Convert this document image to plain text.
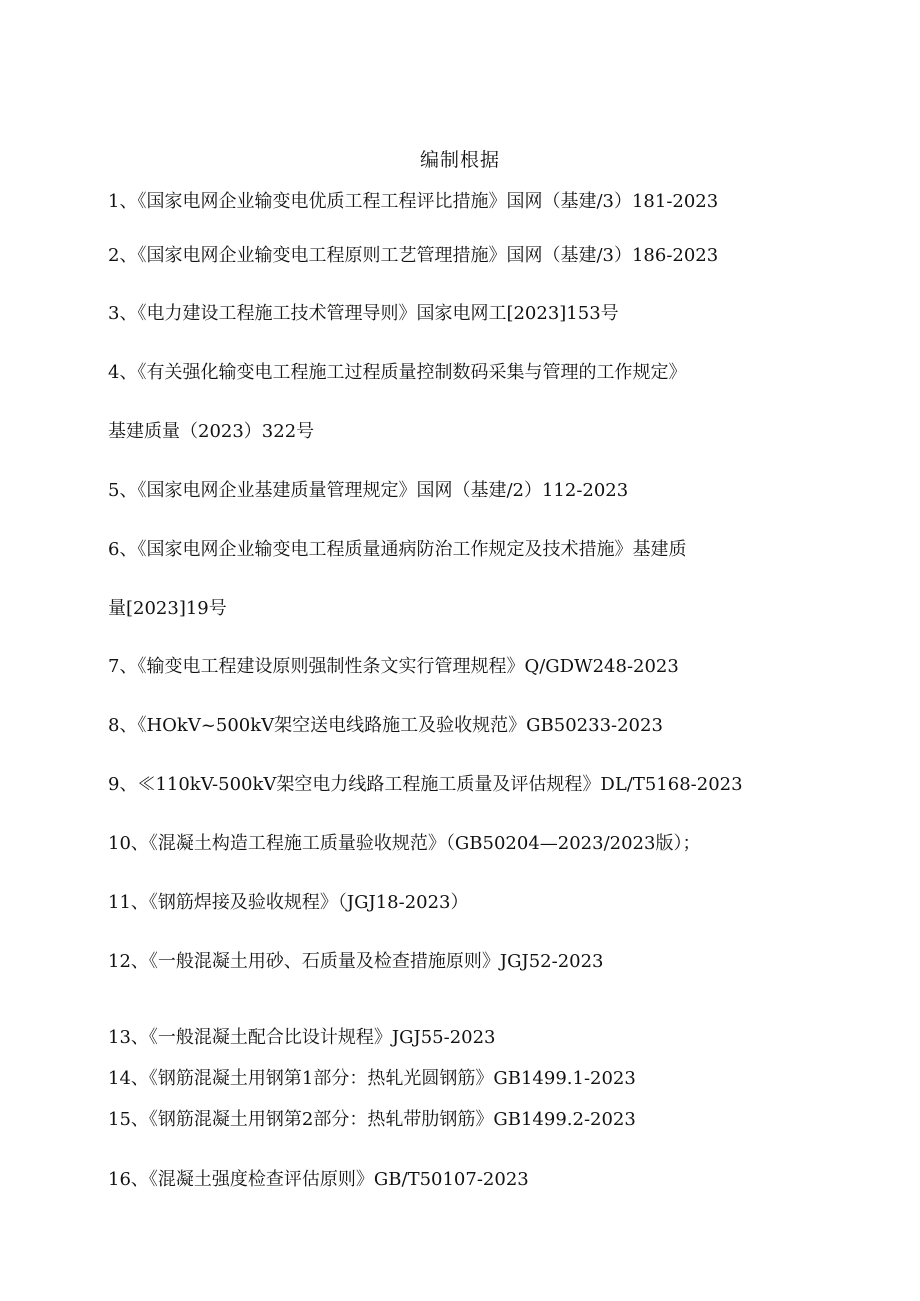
编制根据
1、《国家电网企业输变电优质工程工程评比措施》国网（基建/3）181-2023
2、《国家电网企业输变电工程原则工艺管理措施》国网（基建/3）186-2023
3、《电力建设工程施工技术管理导则》国家电网工[2023]153号
4、《有关强化输变电工程施工过程质量控制数码采集与管理的工作规定》
基建质量（2023）322号
5、《国家电网企业基建质量管理规定》国网（基建/2）112-2023
6、《国家电网企业输变电工程质量通病防治工作规定及技术措施》基建质
量[2023]19号
7、《输变电工程建设原则强制性条文实行管理规程》Q/GDW248-2023
8、《HOkV~500kV架空送电线路施工及验收规范》GB50233-2023
9、≪110kV-500kV架空电力线路工程施工质量及评估规程》DL/T5168-2023
10、《混凝土构造工程施工质量验收规范》（GB50204—2023/2023版）；
11、《钢筋焊接及验收规程》（JGJ18-2023）
12、《一般混凝土用砂、石质量及检查措施原则》JGJ52-2023
13、《一般混凝土配合比设计规程》JGJ55-2023
14、《钢筋混凝土用钢第1部分：热轧光圆钢筋》GB1499.1-2023
15、《钢筋混凝土用钢第2部分：热轧带肋钢筋》GB1499.2-2023
16、《混凝土强度检查评估原则》GB/T50107-2023
